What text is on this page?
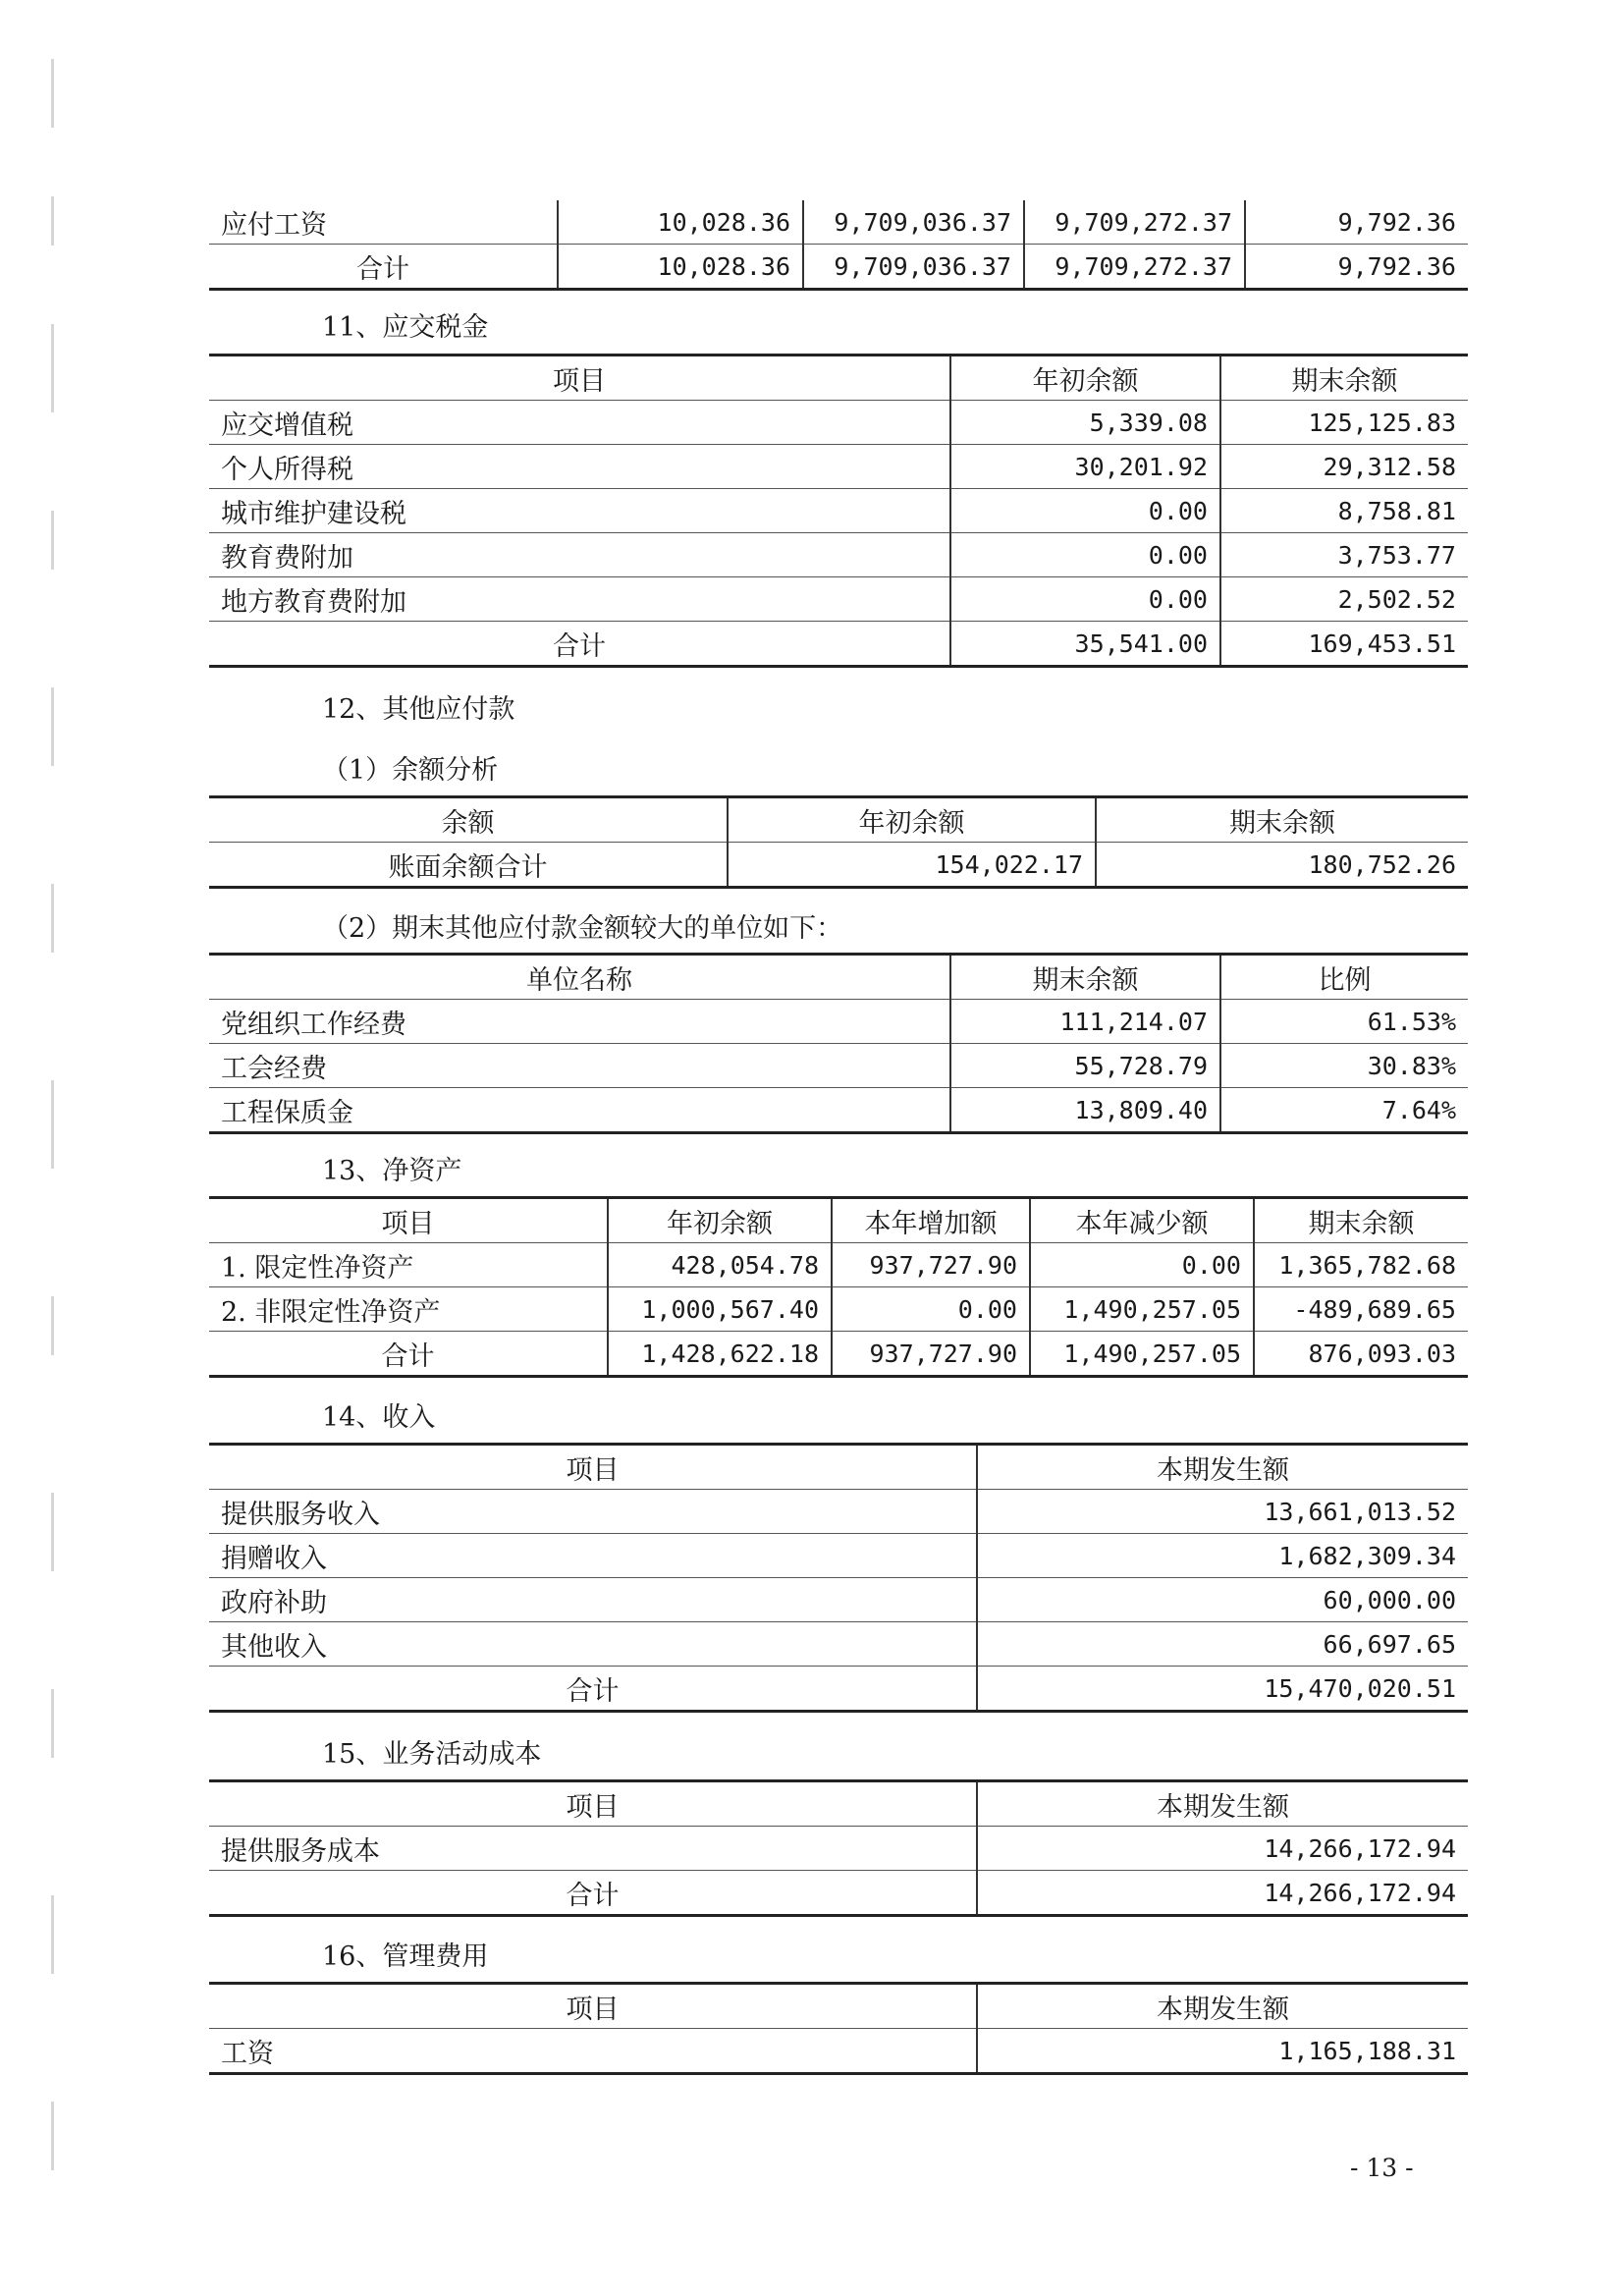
应付工资	10,028.36	9,709,036.37	9,709,272.37	9,792.36
合计	10,028.36	9,709,036.37	9,709,272.37	9,792.36
11、应交税金
项目	年初余额	期末余额
应交增值税	5,339.08	125,125.83
个人所得税	30,201.92	29,312.58
城市维护建设税	0.00	8,758.81
教育费附加	0.00	3,753.77
地方教育费附加	0.00	2,502.52
合计	35,541.00	169,453.51
12、其他应付款
（1）余额分析
余额	年初余额	期末余额
账面余额合计	154,022.17	180,752.26
（2）期末其他应付款金额较大的单位如下：
单位名称	期末余额	比例
党组织工作经费	111,214.07	61.53%
工会经费	55,728.79	30.83%
工程保质金	13,809.40	7.64%
13、净资产
项目	年初余额	本年增加额	本年减少额	期末余额
1. 限定性净资产	428,054.78	937,727.90	0.00	1,365,782.68
2. 非限定性净资产	1,000,567.40	0.00	1,490,257.05	-489,689.65
合计	1,428,622.18	937,727.90	1,490,257.05	876,093.03
14、收入
项目	本期发生额
提供服务收入	13,661,013.52
捐赠收入	1,682,309.34
政府补助	60,000.00
其他收入	66,697.65
合计	15,470,020.51
15、业务活动成本
项目	本期发生额
提供服务成本	14,266,172.94
合计	14,266,172.94
16、管理费用
项目	本期发生额
工资	1,165,188.31
- 13 -
